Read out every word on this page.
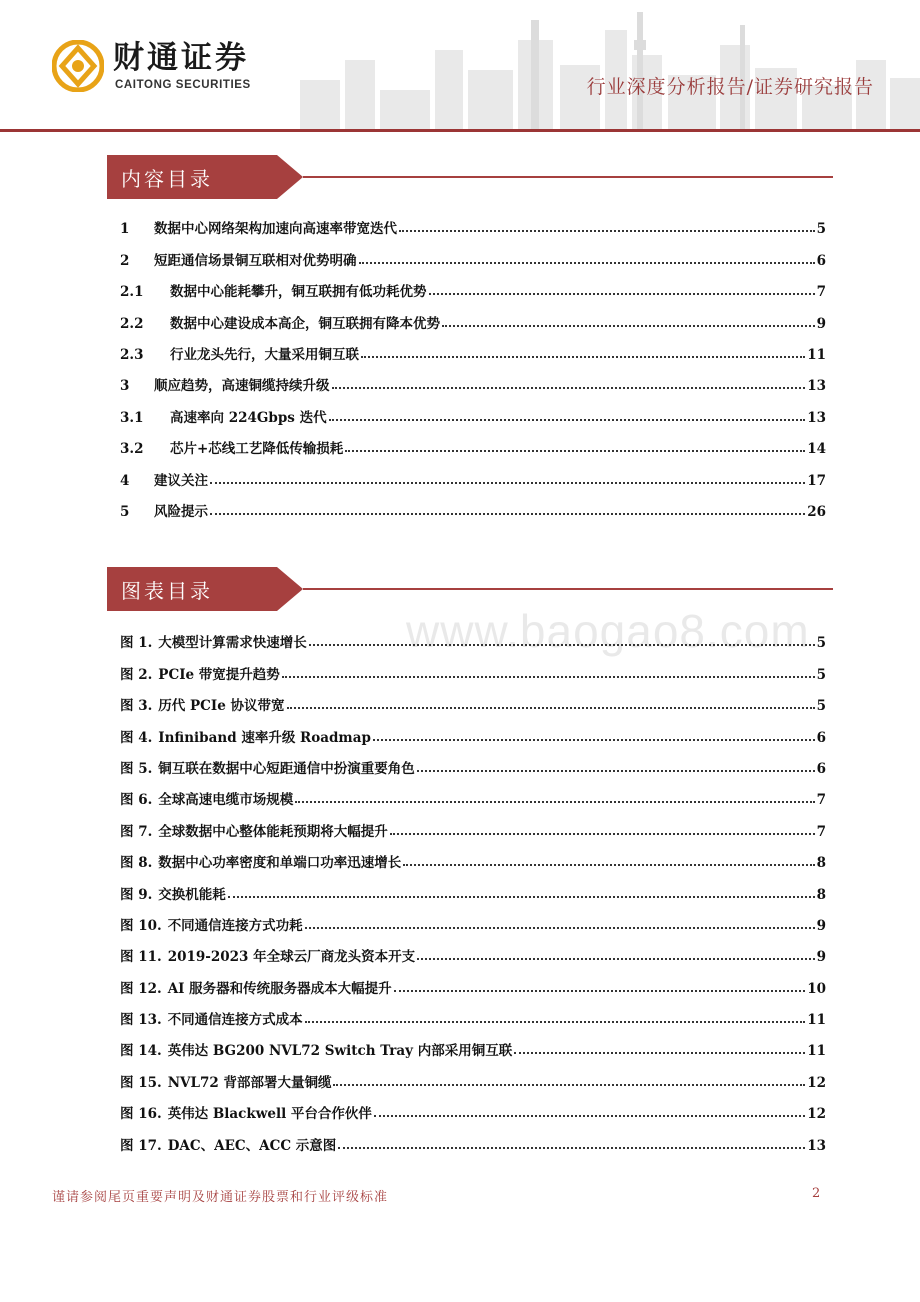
财通证券
CAITONG SECURITIES	行业深度分析报告/证券研究报告
内容目录
1	数据中心网络架构加速向高速率带宽迭代	5
2	短距通信场景铜互联相对优势明确	6
2.1	数据中心能耗攀升，铜互联拥有低功耗优势	7
2.2	数据中心建设成本高企，铜互联拥有降本优势	9
2.3	行业龙头先行，大量采用铜互联	11
3	顺应趋势，高速铜缆持续升级	13
3.1	高速率向 224Gbps 迭代	13
3.2	芯片+芯线工艺降低传输损耗	14
4	建议关注	17
5	风险提示	26
图表目录
www.baogao8.com
图 1. 大模型计算需求快速增长	5
图 2. PCIe 带宽提升趋势	5
图 3. 历代 PCIe 协议带宽	5
图 4. Infiniband 速率升级 Roadmap	6
图 5. 铜互联在数据中心短距通信中扮演重要角色	6
图 6. 全球高速电缆市场规模	7
图 7. 全球数据中心整体能耗预期将大幅提升	7
图 8. 数据中心功率密度和单端口功率迅速增长	8
图 9. 交换机能耗	8
图 10. 不同通信连接方式功耗	9
图 11. 2019-2023 年全球云厂商龙头资本开支	9
图 12. AI 服务器和传统服务器成本大幅提升	10
图 13. 不同通信连接方式成本	11
图 14. 英伟达 BG200 NVL72 Switch Tray 内部采用铜互联	11
图 15. NVL72 背部部署大量铜缆	12
图 16. 英伟达 Blackwell 平台合作伙伴	12
图 17. DAC、AEC、ACC 示意图	13
谨请参阅尾页重要声明及财通证券股票和行业评级标准	2
